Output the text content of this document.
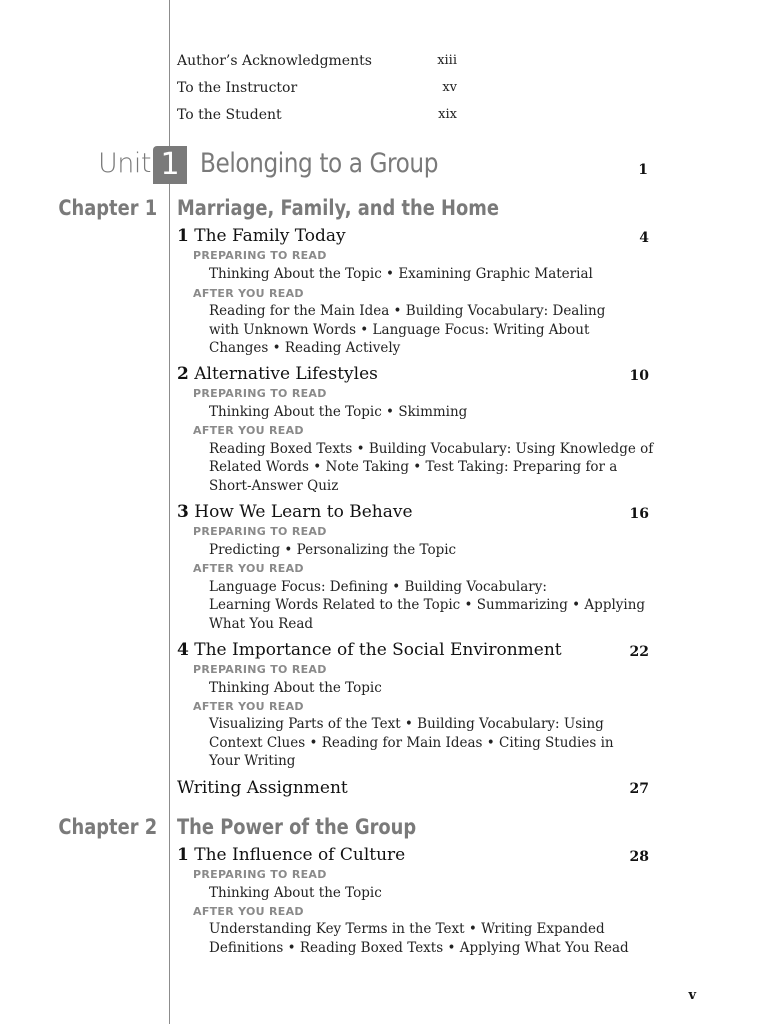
Author’s Acknowledgments	xiii
To the Instructor	xv
To the Student	xix
Unit 1 Belonging to a Group	1
Chapter 1 Marriage, Family, and the Home
1 The Family Today	4
PREPARING TO READ
Thinking About the Topic • Examining Graphic Material
AFTER YOU READ
Reading for the Main Idea • Building Vocabulary: Dealing
with Unknown Words • Language Focus: Writing About
Changes • Reading Actively
2 Alternative Lifestyles	10
PREPARING TO READ
Thinking About the Topic • Skimming
AFTER YOU READ
Reading Boxed Texts • Building Vocabulary: Using Knowledge of
Related Words • Note Taking • Test Taking: Preparing for a
Short-Answer Quiz
3 How We Learn to Behave	16
PREPARING TO READ
Predicting • Personalizing the Topic
AFTER YOU READ
Language Focus: Defining • Building Vocabulary:
Learning Words Related to the Topic • Summarizing • Applying
What You Read
4 The Importance of the Social Environment	22
PREPARING TO READ
Thinking About the Topic
AFTER YOU READ
Visualizing Parts of the Text • Building Vocabulary: Using
Context Clues • Reading for Main Ideas • Citing Studies in
Your Writing
Writing Assignment	27
Chapter 2 The Power of the Group
1 The Influence of Culture	28
PREPARING TO READ
Thinking About the Topic
AFTER YOU READ
Understanding Key Terms in the Text • Writing Expanded
Definitions • Reading Boxed Texts • Applying What You Read
v
